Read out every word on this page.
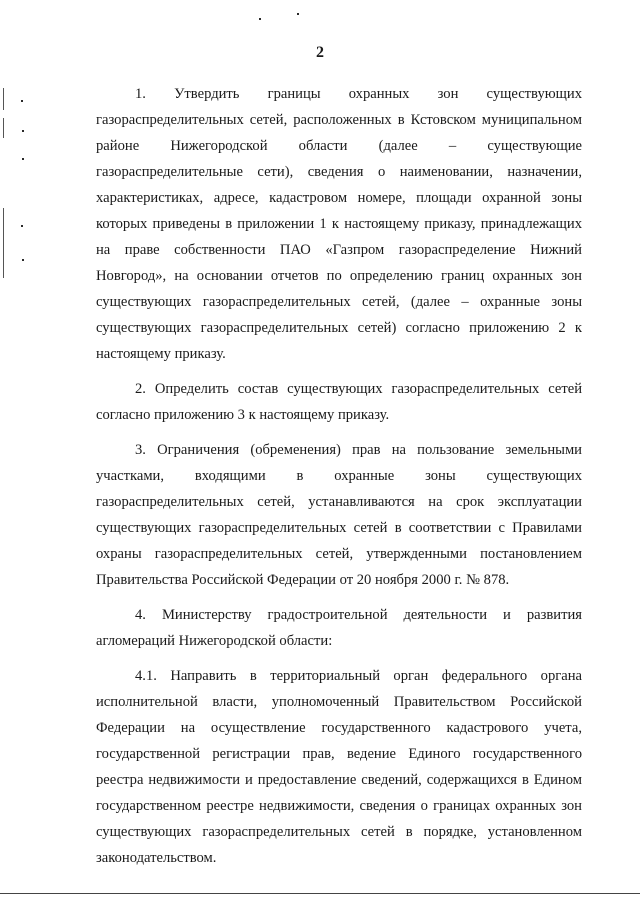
2
1. Утвердить границы охранных зон существующих
газораспределительных сетей, расположенных в Кстовском муниципальном
районе Нижегородской области (далее – существующие
газораспределительные сети), сведения о наименовании, назначении,
характеристиках, адресе, кадастровом номере, площади охранной зоны
которых приведены в приложении 1 к настоящему приказу, принадлежащих
на праве собственности ПАО «Газпром газораспределение Нижний
Новгород», на основании отчетов по определению границ охранных зон
существующих газораспределительных сетей, (далее – охранные зоны
существующих газораспределительных сетей) согласно приложению 2 к
настоящему приказу.
2. Определить состав существующих газораспределительных сетей
согласно приложению 3 к настоящему приказу.
3. Ограничения (обременения) прав на пользование земельными
участками, входящими в охранные зоны существующих
газораспределительных сетей, устанавливаются на срок эксплуатации
существующих газораспределительных сетей в соответствии с Правилами
охраны газораспределительных сетей, утвержденными постановлением
Правительства Российской Федерации от 20 ноября 2000 г. № 878.
4. Министерству градостроительной деятельности и развития
агломераций Нижегородской области:
4.1. Направить в территориальный орган федерального органа
исполнительной власти, уполномоченный Правительством Российской
Федерации на осуществление государственного кадастрового учета,
государственной регистрации прав, ведение Единого государственного
реестра недвижимости и предоставление сведений, содержащихся в Едином
государственном реестре недвижимости, сведения о границах охранных зон
существующих газораспределительных сетей в порядке, установленном
законодательством.
